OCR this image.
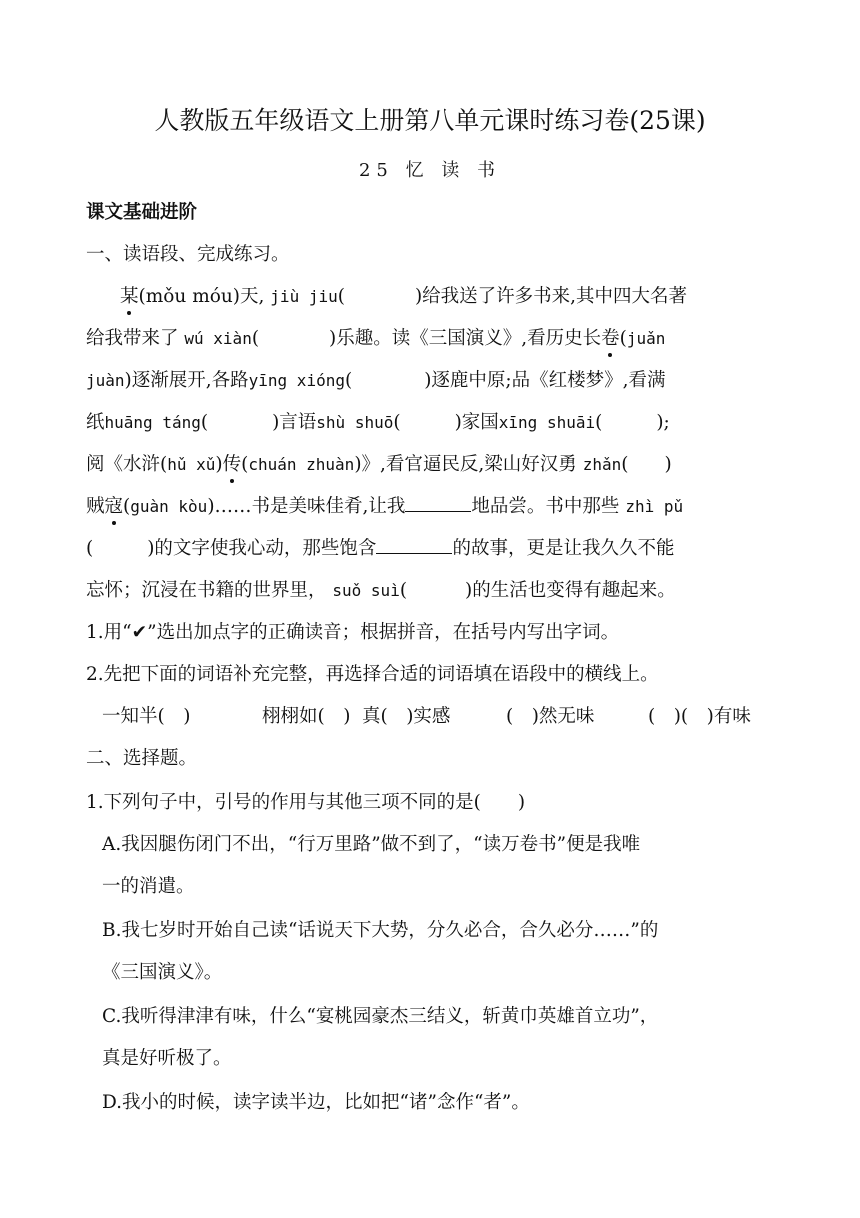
人教版五年级语文上册第八单元课时练习卷(25课)
25 忆 读 书
课文基础进阶
一、读语段、完成练习。
某(mǒu móu)天, jiù jiu(	)给我送了许多书来,其中四大名著
给我带来了 wú xiàn(	)乐趣。读《三国演义》,看历史长卷(juǎn
juàn)逐渐展开,各路yīng xióng(	)逐鹿中原;品《红楼梦》,看满
纸huāng táng(	)言语shù shuō(	)家国xīng shuāi(	);
阅《水浒(hǔ xǔ)传(chuán zhuàn)》,看官逼民反,梁山好汉勇 zhǎn( )
贼寇(guàn kòu)……书是美味佳肴,让我	地品尝。书中那些 zhì pǔ
(	)的文字使我心动，那些饱含	的故事，更是让我久久不能
忘怀；沉浸在书籍的世界里， suǒ suì(	)的生活也变得有趣起来。
1.用“✔”选出加点字的正确读音；根据拼音，在括号内写出字词。
2.先把下面的词语补充完整，再选择合适的词语填在语段中的横线上。
一知半(　)	栩栩如(　) 真(　)实感	(　)然无味	(　)(　)有味
二、选择题。
1.下列句子中，引号的作用与其他三项不同的是(　　)
A.我因腿伤闭门不出，“行万里路”做不到了，“读万卷书”便是我唯
一的消遣。
B.我七岁时开始自己读“话说天下大势，分久必合，合久必分……”的
《三国演义》。
C.我听得津津有味，什么“宴桃园豪杰三结义，斩黄巾英雄首立功”，
真是好听极了。
D.我小的时候，读字读半边，比如把“诸”念作“者”。
